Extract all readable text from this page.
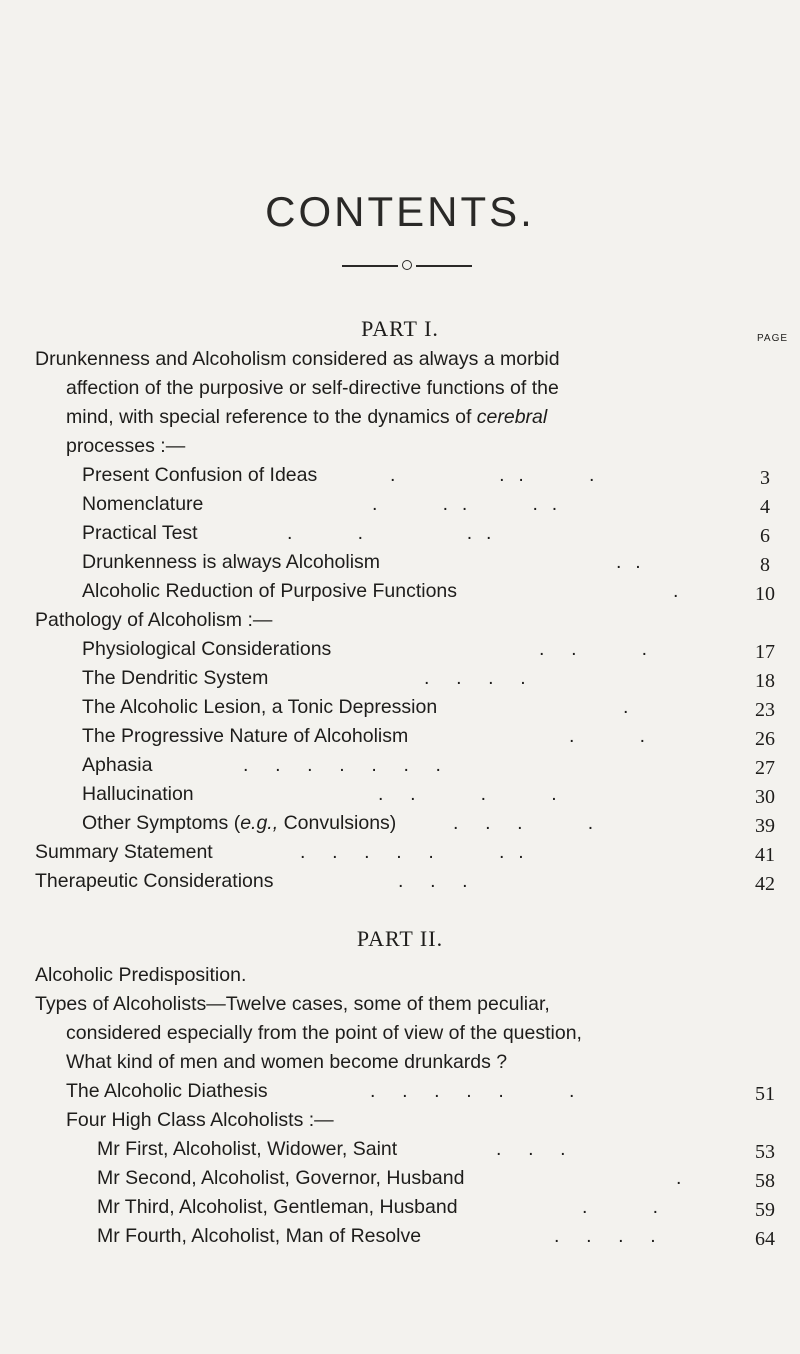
CONTENTS.
PART I.	PAGE
Drunkenness and Alcoholism considered as always a morbid
affection of the purposive or self-directive functions of the
mind, with special reference to the dynamics of cerebral
processes :—
Present Confusion of Ideas	.                .  .          .	3
Nomenclature	.          .  .          .  .	4
Practical Test	.          .                .  .	6
Drunkenness is always Alcoholism	.  .	8
Alcoholic Reduction of Purposive Functions	.	10
Pathology of Alcoholism :—
Physiological Considerations	.    .          .	17
The Dendritic System	.    .    .    .	18
The Alcoholic Lesion, a Tonic Depression	.	23
The Progressive Nature of Alcoholism	.          .	26
Aphasia	.    .    .    .    .    .    .	27
Hallucination	.    .          .          .	30
Other Symptoms (e.g., Convulsions)	.    .    .          .	39
Summary Statement	.    .    .    .    .          .  .	41
Therapeutic Considerations	.    .    .	42
PART II.
Alcoholic Predisposition.
Types of Alcoholists—Twelve cases, some of them peculiar,
considered especially from the point of view of the question,
What kind of men and women become drunkards ?
The Alcoholic Diathesis	.    .    .    .    .          .	51
Four High Class Alcoholists :—
Mr First, Alcoholist, Widower, Saint	.    .    .	53
Mr Second, Alcoholist, Governor, Husband	.	58
Mr Third, Alcoholist, Gentleman, Husband	.          .	59
Mr Fourth, Alcoholist, Man of Resolve	.    .    .    .	64
